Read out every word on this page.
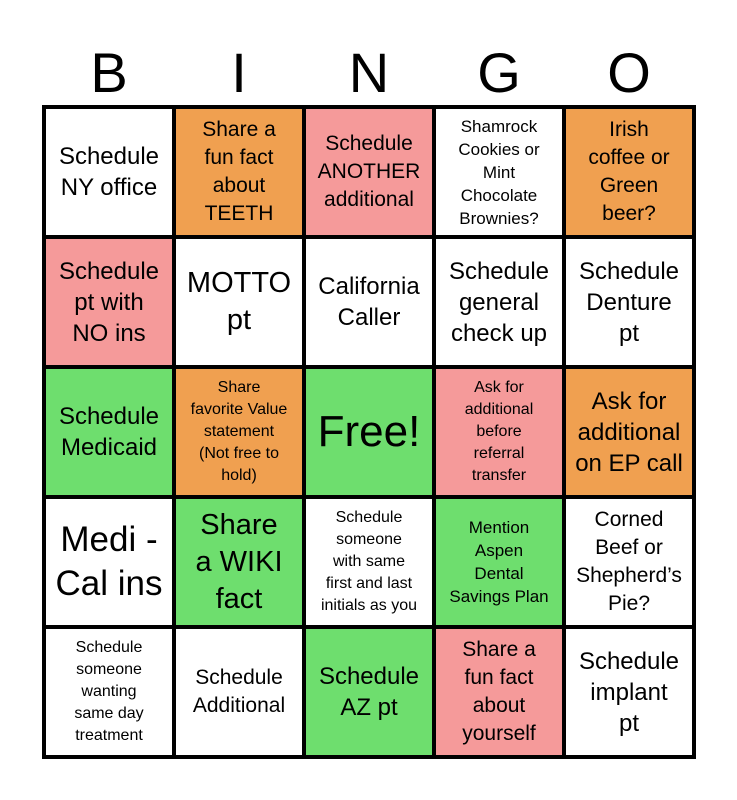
B	I	N	G	O
Schedule
NY office
Share a
fun fact
about
TEETH
Schedule
ANOTHER
additional
Shamrock
Cookies or
Mint
Chocolate
Brownies?
Irish
coffee or
Green
beer?
Schedule
pt with
NO ins
MOTTO
pt
California
Caller
Schedule
general
check up
Schedule
Denture
pt
Schedule
Medicaid
Share
favorite Value
statement
(Not free to
hold)
Free!
Ask for
additional
before
referral
transfer
Ask for
additional
on EP call
Medi -
Cal ins
Share
a WIKI
fact
Schedule
someone
with same
first and last
initials as you
Mention
Aspen
Dental
Savings Plan
Corned
Beef or
Shepherd’s
Pie?
Schedule
someone
wanting
same day
treatment
Schedule
Additional
Schedule
AZ pt
Share a
fun fact
about
yourself
Schedule
implant
pt
